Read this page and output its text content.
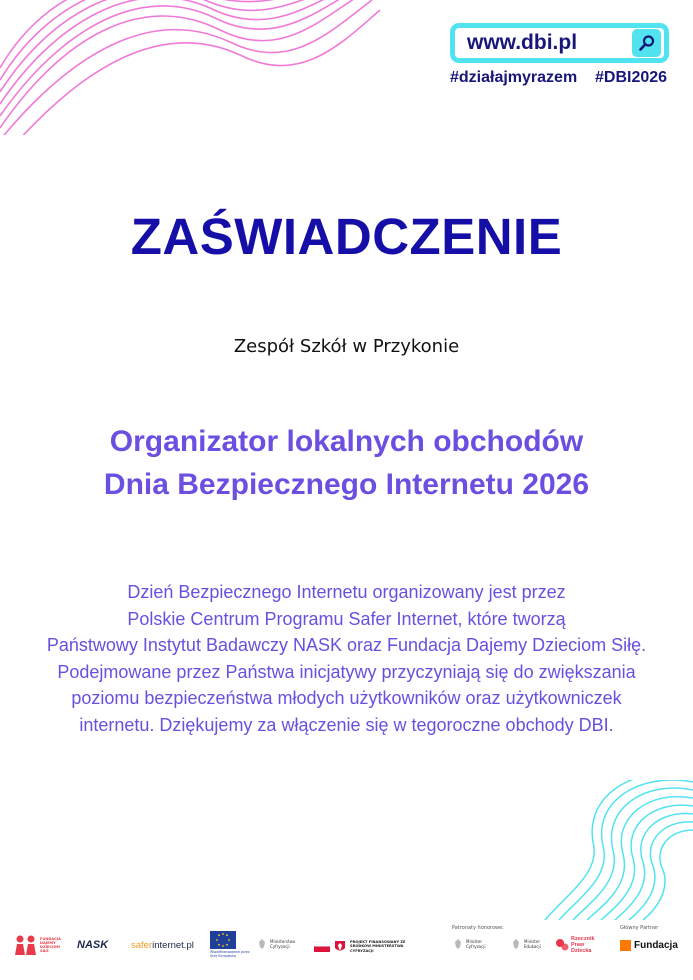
www.dbi.pl
#działajmyrazem #DBI2026
ZAŚWIADCZENIE
Zespół Szkół w Przykonie
Organizator lokalnych obchodów
Dnia Bezpiecznego Internetu 2026
Dzień Bezpiecznego Internetu organizowany jest przez
Polskie Centrum Programu Safer Internet, które tworzą
Państwowy Instytut Badawczy NASK oraz Fundacja Dajemy Dzieciom Siłę.
Podejmowane przez Państwa inicjatywy przyczyniają się do zwiększania
poziomu bezpieczeństwa młodych użytkowników oraz użytkowniczek
internetu. Dziękujemy za włączenie się w tegoroczne obchody DBI.
FUNDACJA DAJEMY DZIECIOM SIŁĘ
NASK safer internet.pl
Współfinansowane przez Unię Europejską
Ministerstwo Cyfryzacji
PROJEKT FINANSOWANY ZE ŚRODKÓW MINISTERSTWA CYFRYZACJI
Patronaty honorowe:
Minister Cyfryzacji
Minister Edukacji
Rzecznik Praw Dziecka
Główny Partner
Fundacja
